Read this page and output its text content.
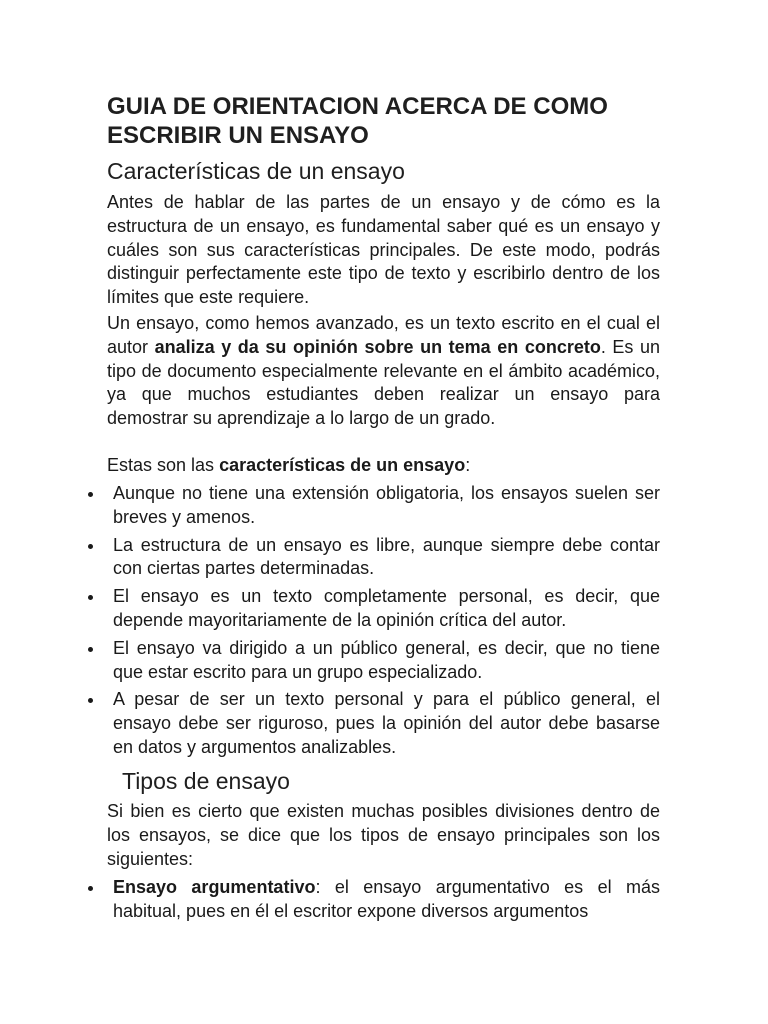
GUIA DE ORIENTACION ACERCA DE COMO ESCRIBIR UN ENSAYO
Características de un ensayo

Antes de hablar de las partes de un ensayo y de cómo es la estructura de un ensayo, es fundamental saber qué es un ensayo y cuáles son sus características principales. De este modo, podrás distinguir perfectamente este tipo de texto y escribirlo dentro de los límites que este requiere.

Un ensayo, como hemos avanzado, es un texto escrito en el cual el autor analiza y da su opinión sobre un tema en concreto. Es un tipo de documento especialmente relevante en el ámbito académico, ya que muchos estudiantes deben realizar un ensayo para demostrar su aprendizaje a lo largo de un grado.

Estas son las características de un ensayo:

Aunque no tiene una extensión obligatoria, los ensayos suelen ser breves y amenos.
La estructura de un ensayo es libre, aunque siempre debe contar con ciertas partes determinadas.
El ensayo es un texto completamente personal, es decir, que depende mayoritariamente de la opinión crítica del autor.
El ensayo va dirigido a un público general, es decir, que no tiene que estar escrito para un grupo especializado.
A pesar de ser un texto personal y para el público general, el ensayo debe ser riguroso, pues la opinión del autor debe basarse en datos y argumentos analizables.
Tipos de ensayo

Si bien es cierto que existen muchas posibles divisiones dentro de los ensayos, se dice que los tipos de ensayo principales son los siguientes:

Ensayo argumentativo: el ensayo argumentativo es el más habitual, pues en él el escritor expone diversos argumentos
